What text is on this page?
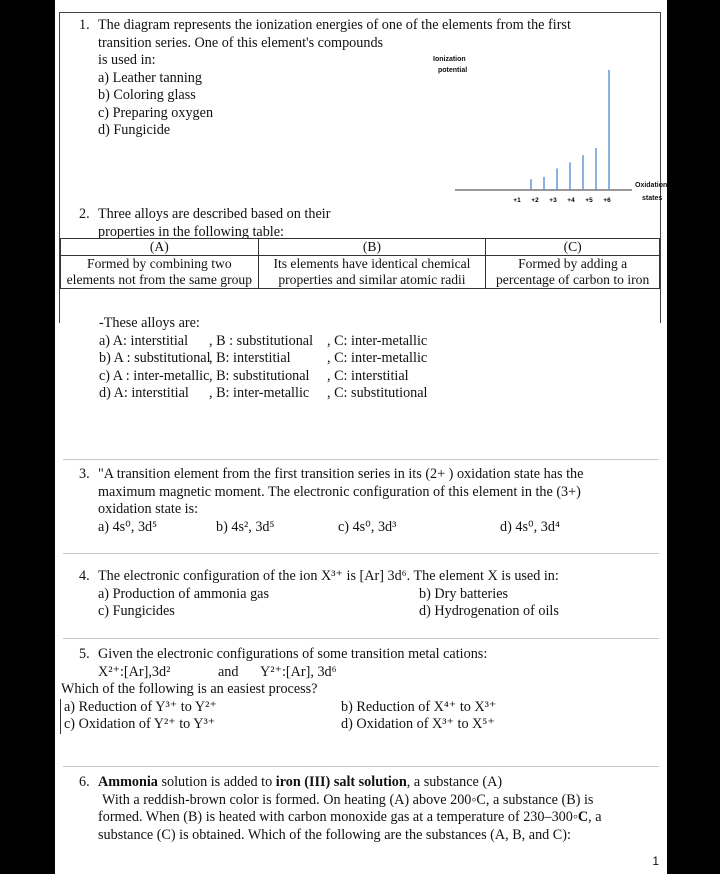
1. The diagram represents the ionization energies of one of the elements from the first
transition series. One of this element's compounds
is used in:
a) Leather tanning
b) Coloring glass
c) Preparing oxygen
d) Fungicide
Ionization
potential
Oxidation
states
+1 +2 +3 +4 +5 +6
2. Three alloys are described based on their
properties in the following table:
(A)	(B)	(C)
Formed by combining two elements not from the same group	Its elements have identical chemical properties and similar atomic radii	Formed by adding a percentage of carbon to iron
-These alloys are:
a) A: interstitial , B : substitutional , C: inter-metallic
b) A : substitutional, B: interstitial	, C: inter-metallic
c) A : inter-metallic, B: substitutional , C: interstitial
d) A: interstitial , B: inter-metallic , C: substitutional
3. "A transition element from the first transition series in its (2+ ) oxidation state has the
maximum magnetic moment. The electronic configuration of this element in the (3+)
oxidation state is:
a) 4s⁰, 3d⁵	b) 4s², 3d⁵	c) 4s⁰, 3d³	d) 4s⁰, 3d⁴
4. The electronic configuration of the ion X³⁺ is [Ar] 3d⁶. The element X is used in:
a) Production of ammonia gas	b) Dry batteries
c) Fungicides	d) Hydrogenation of oils
5. Given the electronic configurations of some transition metal cations:
X²⁺:[Ar],3d²	and Y²⁺:[Ar], 3d⁶
Which of the following is an easiest process?
a) Reduction of Y³⁺ to Y²⁺	b) Reduction of X⁴⁺ to X³⁺
c) Oxidation of Y²⁺ to Y³⁺	d) Oxidation of X³⁺ to X⁵⁺
6. Ammonia solution is added to iron (III) salt solution, a substance (A)
With a reddish-brown color is formed. On heating (A) above 200◦C, a substance (B) is
formed. When (B) is heated with carbon monoxide gas at a temperature of 230–300◦C, a
substance (C) is obtained. Which of the following are the substances (A, B, and C):
1
